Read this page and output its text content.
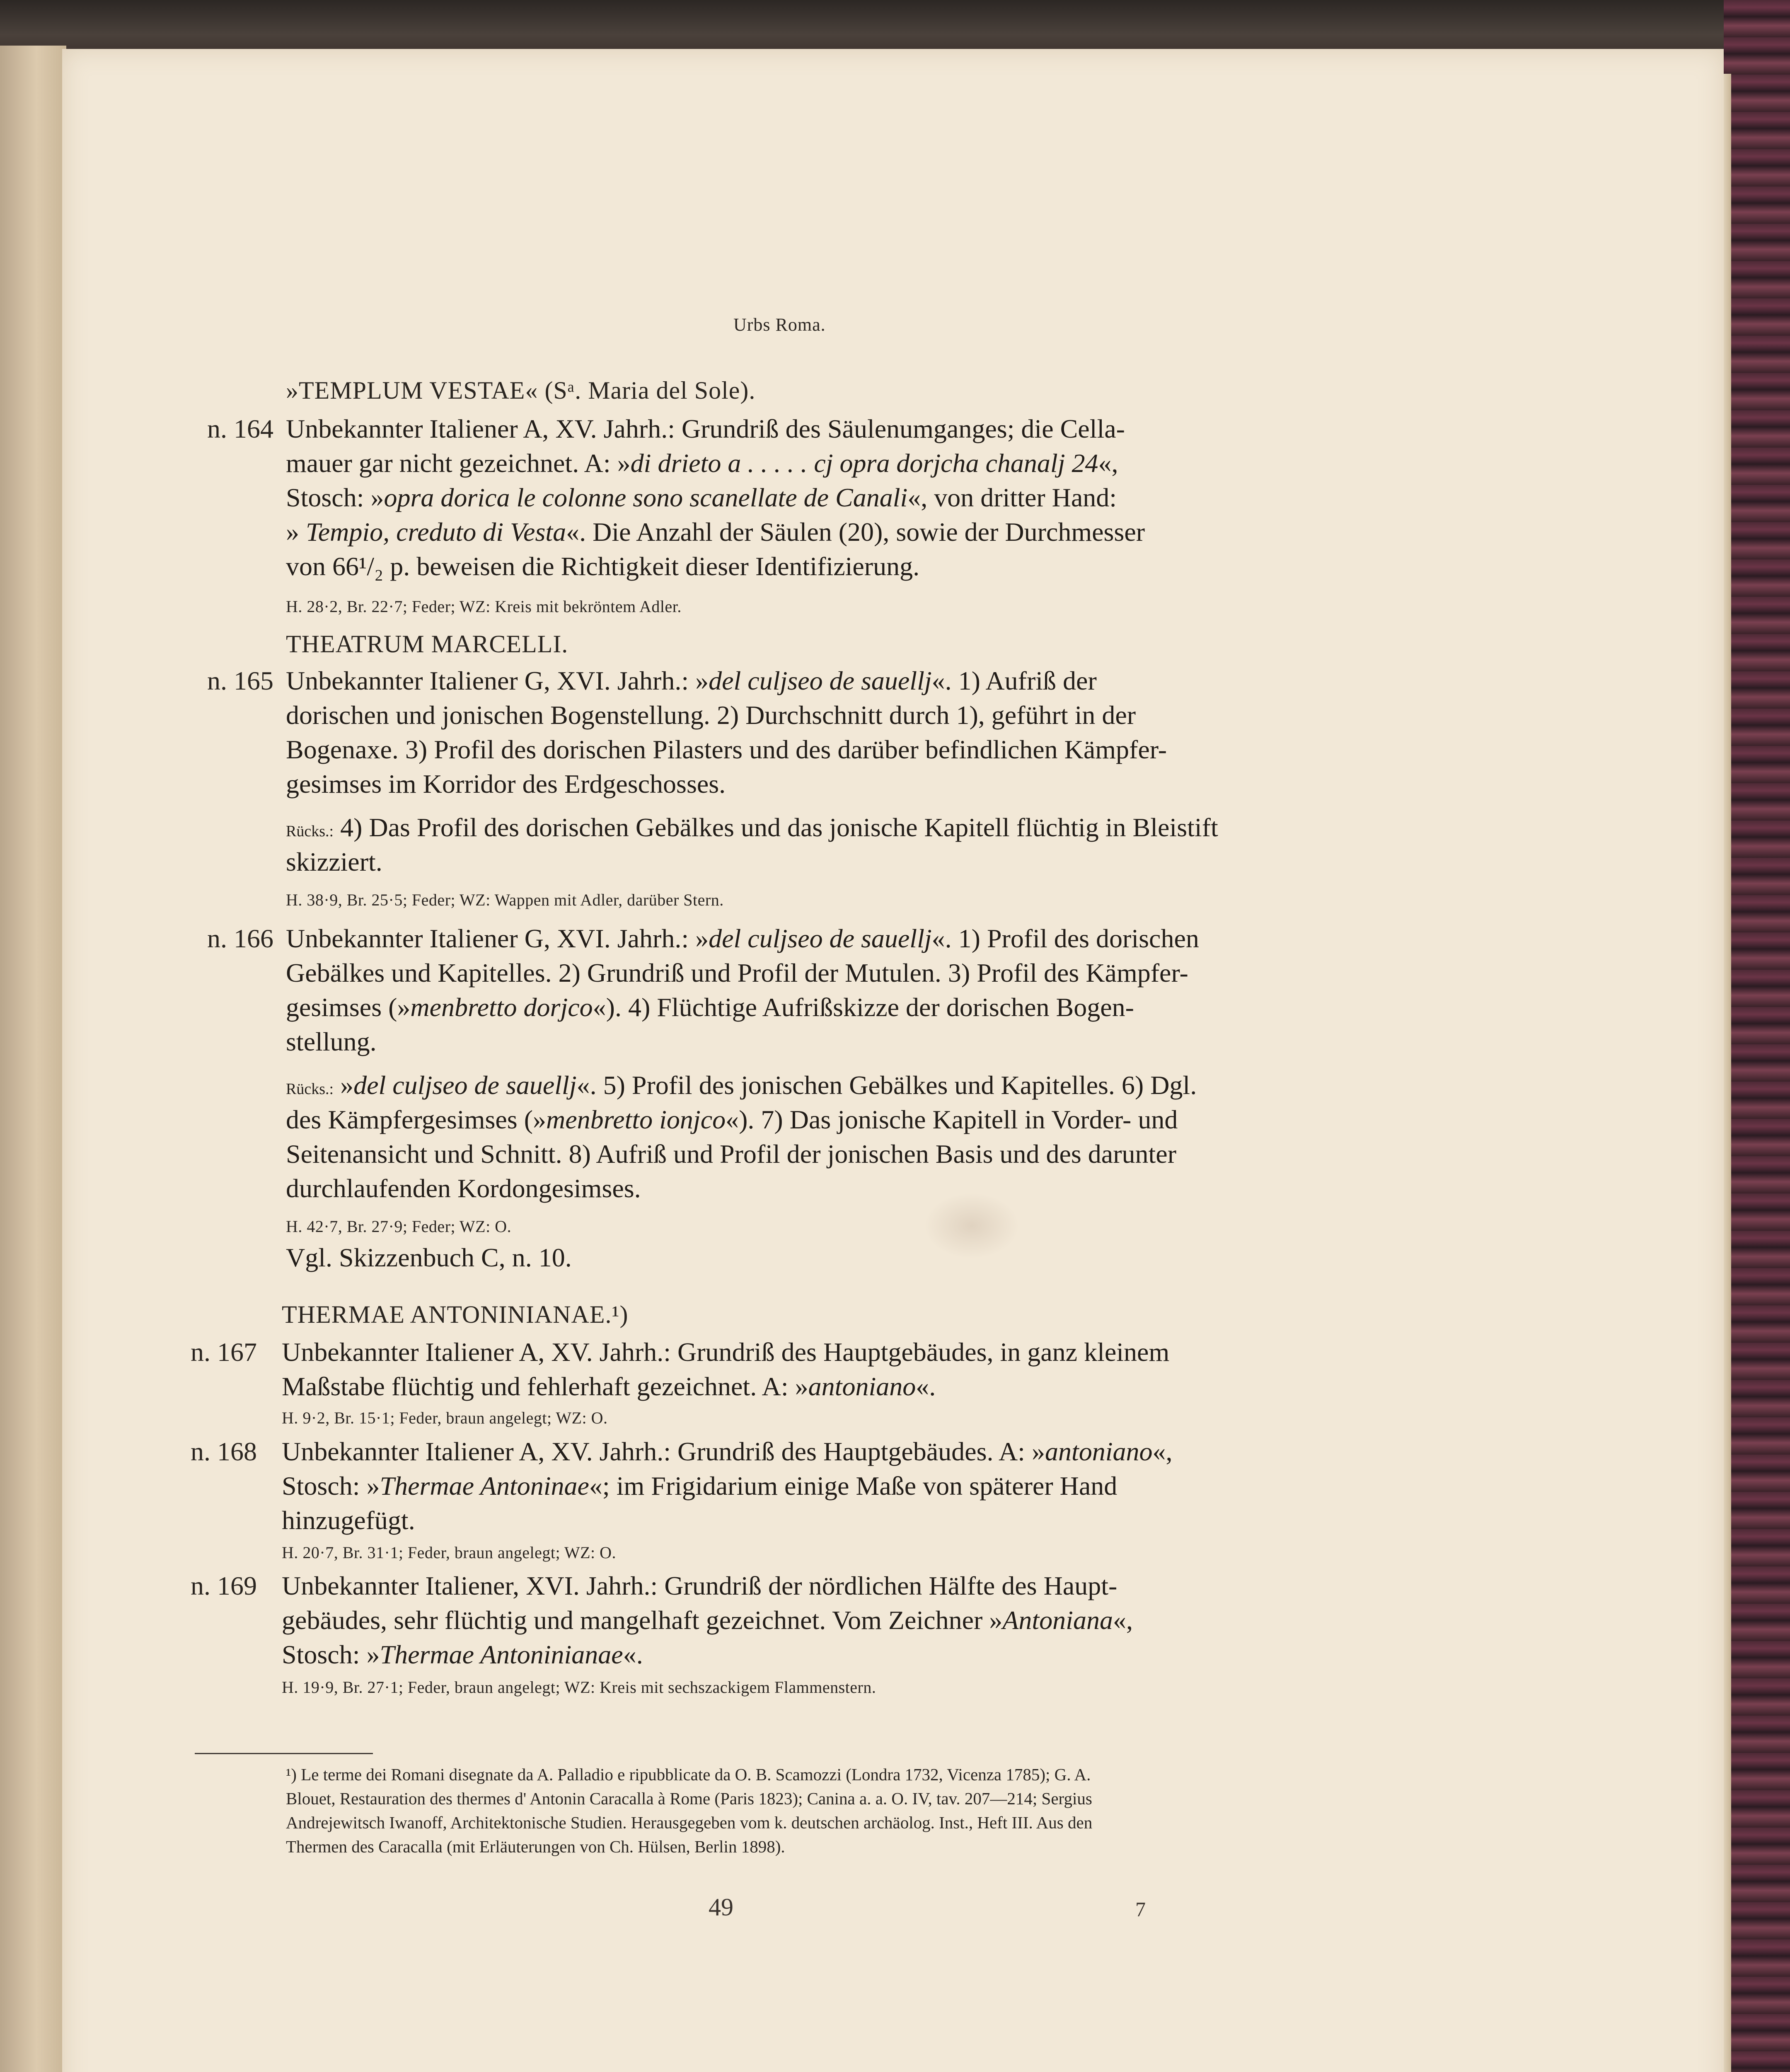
Urbs Roma.
»TEMPLUM VESTAE« (Sᵃ. Maria del Sole).
n. 164 Unbekannter Italiener A, XV. Jahrh.: Grundriß des Säulenumganges; die Cella-
mauer gar nicht gezeichnet. A: »di drieto a . . . . . cj opra dorjcha chanalj 24«,
Stosch: »opra dorica le colonne sono scanellate de Canali«, von dritter Hand:
» Tempio, creduto di Vesta«. Die Anzahl der Säulen (20), sowie der Durchmesser
von 66¹/₂ p. beweisen die Richtigkeit dieser Identifizierung.
H. 28·2, Br. 22·7; Feder; WZ: Kreis mit bekröntem Adler.
THEATRUM MARCELLI.
n. 165 Unbekannter Italiener G, XVI. Jahrh.: »del culjseo de sauellj«. 1) Aufriß der
dorischen und jonischen Bogenstellung. 2) Durchschnitt durch 1), geführt in der
Bogenaxe. 3) Profil des dorischen Pilasters und des darüber befindlichen Kämpfer-
gesimses im Korridor des Erdgeschosses.
Rücks.: 4) Das Profil des dorischen Gebälkes und das jonische Kapitell flüchtig in Bleistift
skizziert.
H. 38·9, Br. 25·5; Feder; WZ: Wappen mit Adler, darüber Stern.
n. 166 Unbekannter Italiener G, XVI. Jahrh.: »del culjseo de sauellj«. 1) Profil des dorischen
Gebälkes und Kapitelles. 2) Grundriß und Profil der Mutulen. 3) Profil des Kämpfer-
gesimses (»menbretto dorjco«). 4) Flüchtige Aufrißskizze der dorischen Bogen-
stellung.
Rücks.: »del culjseo de sauellj«. 5) Profil des jonischen Gebälkes und Kapitelles. 6) Dgl.
des Kämpfergesimses (»menbretto ionjco«). 7) Das jonische Kapitell in Vorder- und
Seitenansicht und Schnitt. 8) Aufriß und Profil der jonischen Basis und des darunter
durchlaufenden Kordongesimses.
H. 42·7, Br. 27·9; Feder; WZ: O.
Vgl. Skizzenbuch C, n. 10.
THERMAE ANTONINIANAE.¹)
n. 167 Unbekannter Italiener A, XV. Jahrh.: Grundriß des Hauptgebäudes, in ganz kleinem
Maßstabe flüchtig und fehlerhaft gezeichnet. A: »antoniano«.
H. 9·2, Br. 15·1; Feder, braun angelegt; WZ: O.
n. 168 Unbekannter Italiener A, XV. Jahrh.: Grundriß des Hauptgebäudes. A: »antoniano«,
Stosch: »Thermae Antoninae«; im Frigidarium einige Maße von späterer Hand
hinzugefügt.
H. 20·7, Br. 31·1; Feder, braun angelegt; WZ: O.
n. 169 Unbekannter Italiener, XVI. Jahrh.: Grundriß der nördlichen Hälfte des Haupt-
gebäudes, sehr flüchtig und mangelhaft gezeichnet. Vom Zeichner »Antoniana«,
Stosch: »Thermae Antoninianae«.
H. 19·9, Br. 27·1; Feder, braun angelegt; WZ: Kreis mit sechszackigem Flammenstern.
¹) Le terme dei Romani disegnate da A. Palladio e ripubblicate da O. B. Scamozzi (Londra 1732, Vicenza 1785); G. A.
Blouet, Restauration des thermes d' Antonin Caracalla à Rome (Paris 1823); Canina a. a. O. IV, tav. 207—214; Sergius
Andrejewitsch Iwanoff, Architektonische Studien. Herausgegeben vom k. deutschen archäolog. Inst., Heft III. Aus den
Thermen des Caracalla (mit Erläuterungen von Ch. Hülsen, Berlin 1898).
49	7
